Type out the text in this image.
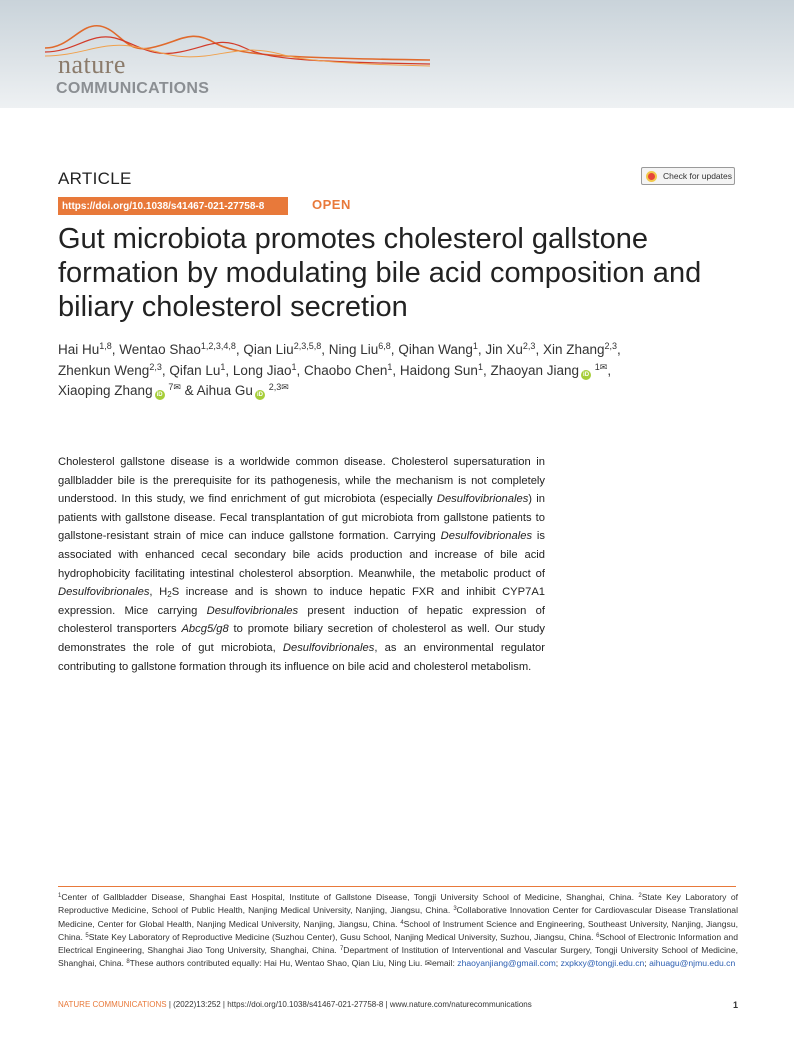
nature
COMMUNICATIONS
ARTICLE	Check for updates
https://doi.org/10.1038/s41467-021-27758-8	OPEN
Gut microbiota promotes cholesterol gallstone formation by modulating bile acid composition and biliary cholesterol secretion
Hai Hu$^{1,8}$, Wentao Shao$^{1,2,3,4,8}$, Qian Liu$^{2,3,5,8}$, Ning Liu$^{6,8}$, Qihan Wang$^1$, Jin Xu$^{2,3}$, Xin Zhang$^{2,3}$,
Zhenkun Weng$^{2,3}$, Qifan Lu$^1$, Long Jiao$^1$, Chaobo Chen$^1$, Haidong Sun$^1$, Zhaoyan Jiang iD $^{1✉}$,
Xiaoping Zhang iD $^{7✉}$ & Aihua Gu iD $^{2,3✉}$
Cholesterol gallstone disease is a worldwide common disease. Cholesterol supersaturation in gallbladder bile is the prerequisite for its pathogenesis, while the mechanism is not completely understood. In this study, we find enrichment of gut microbiota (especially Desulfovibrionales) in patients with gallstone disease. Fecal transplantation of gut microbiota from gallstone patients to gallstone-resistant strain of mice can induce gallstone formation. Carrying Desulfovibrionales is associated with enhanced cecal secondary bile acids production and increase of bile acid hydrophobicity facilitating intestinal cholesterol absorption. Meanwhile, the metabolic product of Desulfovibrionales, $H_2S$ increase and is shown to induce hepatic FXR and inhibit CYP7A1 expression. Mice carrying Desulfovibrionales present induction of hepatic expression of cholesterol transporters Abcg5/g8 to promote biliary secretion of cholesterol as well. Our study demonstrates the role of gut microbiota, Desulfovibrionales, as an environmental regulator contributing to gallstone formation through its influence on bile acid and cholesterol metabolism.
$^1$Center of Gallbladder Disease, Shanghai East Hospital, Institute of Gallstone Disease, Tongji University School of Medicine, Shanghai, China. $^2$State Key Laboratory of Reproductive Medicine, School of Public Health, Nanjing Medical University, Nanjing, Jiangsu, China. $^3$Collaborative Innovation Center for Cardiovascular Disease Translational Medicine, Center for Global Health, Nanjing Medical University, Nanjing, Jiangsu, China. $^4$School of Instrument Science and Engineering, Southeast University, Nanjing, Jiangsu, China. $^5$State Key Laboratory of Reproductive Medicine (Suzhou Center), Gusu School, Nanjing Medical University, Suzhou, Jiangsu, China. $^6$School of Electronic Information and Electrical Engineering, Shanghai Jiao Tong University, Shanghai, China. $^7$Department of Institution of Interventional and Vascular Surgery, Tongji University School of Medicine, Shanghai, China. $^8$These authors contributed equally: Hai Hu, Wentao Shao, Qian Liu, Ning Liu. ✉email: zhaoyanjiang@gmail.com; zxpkxy@tongji.edu.cn; aihuagu@njmu.edu.cn
NATURE COMMUNICATIONS | (2022)13:252 | https://doi.org/10.1038/s41467-021-27758-8 | www.nature.com/naturecommunications	1
